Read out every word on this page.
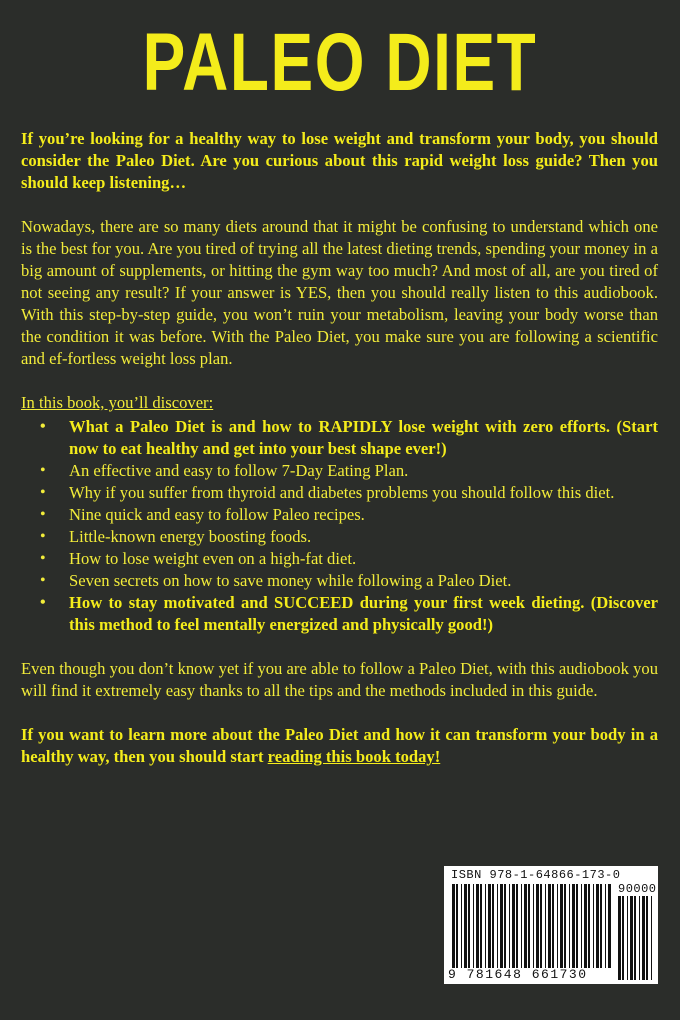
PALEO DIET

If you’re looking for a healthy way to lose weight and transform your body, you should consider the Paleo Diet. Are you curious about this rapid weight loss guide? Then you should keep listening…

Nowadays, there are so many diets around that it might be confusing to understand which one is the best for you. Are you tired of trying all the latest dieting trends, spending your money in a big amount of supplements, or hitting the gym way too much? And most of all, are you tired of not seeing any result? If your answer is YES, then you should really listen to this audiobook. With this step-by-step guide, you won’t ruin your metabolism, leaving your body worse than the condition it was before. With the Paleo Diet, you make sure you are following a scientific and ef-fortless weight loss plan.

In this book, you’ll discover:

• What a Paleo Diet is and how to RAPIDLY lose weight with zero efforts. (Start now to eat healthy and get into your best shape ever!)
• An effective and easy to follow 7-Day Eating Plan.
• Why if you suffer from thyroid and diabetes problems you should follow this diet.
• Nine quick and easy to follow Paleo recipes.
• Little-known energy boosting foods.
• How to lose weight even on a high-fat diet.
• Seven secrets on how to save money while following a Paleo Diet.
• How to stay motivated and SUCCEED during your first week dieting. (Discover this method to feel mentally energized and physically good!)

Even though you don’t know yet if you are able to follow a Paleo Diet, with this audiobook you will find it extremely easy thanks to all the tips and the methods included in this guide.

If you want to learn more about the Paleo Diet and how it can transform your body in a healthy way, then you should start reading this book today!

ISBN 978-1-64866-173-0
90000
9 781648 661730
